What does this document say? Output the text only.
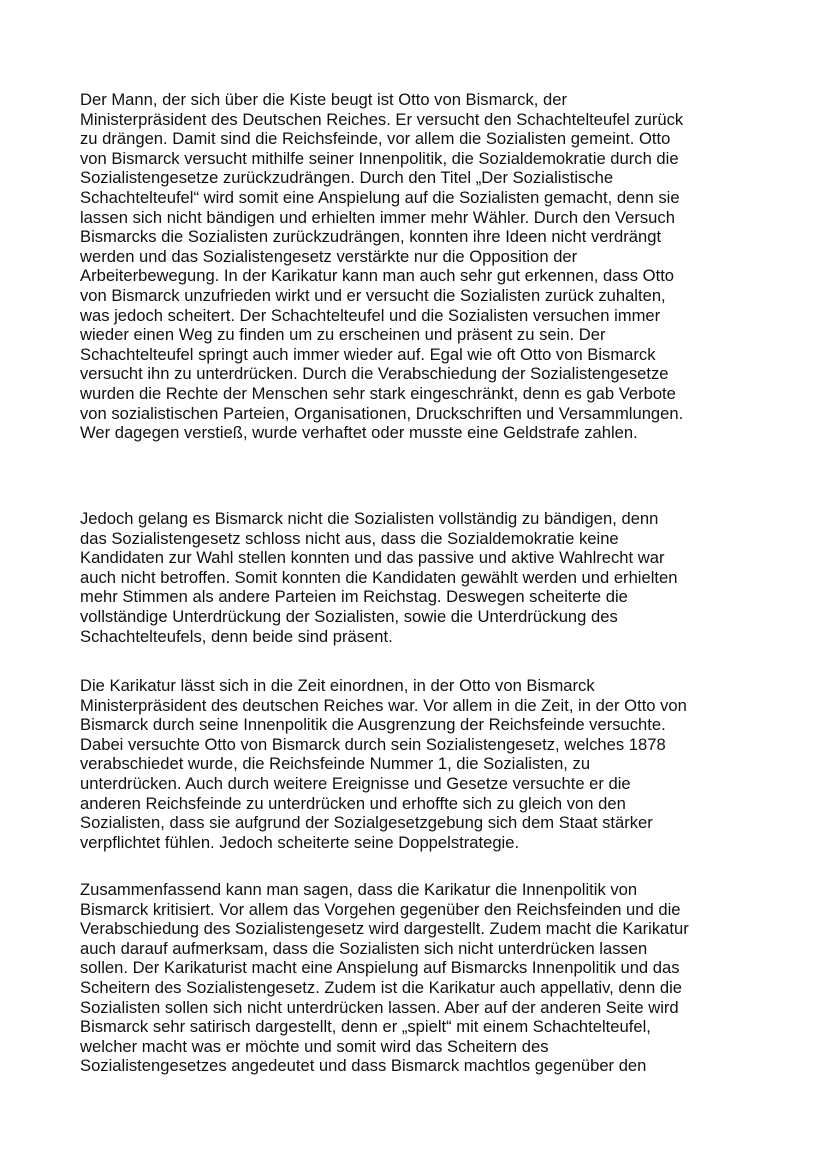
Der Mann, der sich über die Kiste beugt ist Otto von Bismarck, der
Ministerpräsident des Deutschen Reiches. Er versucht den Schachtelteufel zurück
zu drängen. Damit sind die Reichsfeinde, vor allem die Sozialisten gemeint. Otto
von Bismarck versucht mithilfe seiner Innenpolitik, die Sozialdemokratie durch die
Sozialistengesetze zurückzudrängen. Durch den Titel „Der Sozialistische
Schachtelteufel“ wird somit eine Anspielung auf die Sozialisten gemacht, denn sie
lassen sich nicht bändigen und erhielten immer mehr Wähler. Durch den Versuch
Bismarcks die Sozialisten zurückzudrängen, konnten ihre Ideen nicht verdrängt
werden und das Sozialistengesetz verstärkte nur die Opposition der
Arbeiterbewegung. In der Karikatur kann man auch sehr gut erkennen, dass Otto
von Bismarck unzufrieden wirkt und er versucht die Sozialisten zurück zuhalten,
was jedoch scheitert. Der Schachtelteufel und die Sozialisten versuchen immer
wieder einen Weg zu finden um zu erscheinen und präsent zu sein. Der
Schachtelteufel springt auch immer wieder auf. Egal wie oft Otto von Bismarck
versucht ihn zu unterdrücken. Durch die Verabschiedung der Sozialistengesetze
wurden die Rechte der Menschen sehr stark eingeschränkt, denn es gab Verbote
von sozialistischen Parteien, Organisationen, Druckschriften und Versammlungen.
Wer dagegen verstieß, wurde verhaftet oder musste eine Geldstrafe zahlen.
Jedoch gelang es Bismarck nicht die Sozialisten vollständig zu bändigen, denn
das Sozialistengesetz schloss nicht aus, dass die Sozialdemokratie keine
Kandidaten zur Wahl stellen konnten und das passive und aktive Wahlrecht war
auch nicht betroffen. Somit konnten die Kandidaten gewählt werden und erhielten
mehr Stimmen als andere Parteien im Reichstag. Deswegen scheiterte die
vollständige Unterdrückung der Sozialisten, sowie die Unterdrückung des
Schachtelteufels, denn beide sind präsent.
Die Karikatur lässt sich in die Zeit einordnen, in der Otto von Bismarck
Ministerpräsident des deutschen Reiches war. Vor allem in die Zeit, in der Otto von
Bismarck durch seine Innenpolitik die Ausgrenzung der Reichsfeinde versuchte.
Dabei versuchte Otto von Bismarck durch sein Sozialistengesetz, welches 1878
verabschiedet wurde, die Reichsfeinde Nummer 1, die Sozialisten, zu
unterdrücken. Auch durch weitere Ereignisse und Gesetze versuchte er die
anderen Reichsfeinde zu unterdrücken und erhoffte sich zu gleich von den
Sozialisten, dass sie aufgrund der Sozialgesetzgebung sich dem Staat stärker
verpflichtet fühlen. Jedoch scheiterte seine Doppelstrategie.
Zusammenfassend kann man sagen, dass die Karikatur die Innenpolitik von
Bismarck kritisiert. Vor allem das Vorgehen gegenüber den Reichsfeinden und die
Verabschiedung des Sozialistengesetz wird dargestellt. Zudem macht die Karikatur
auch darauf aufmerksam, dass die Sozialisten sich nicht unterdrücken lassen
sollen. Der Karikaturist macht eine Anspielung auf Bismarcks Innenpolitik und das
Scheitern des Sozialistengesetz. Zudem ist die Karikatur auch appellativ, denn die
Sozialisten sollen sich nicht unterdrücken lassen. Aber auf der anderen Seite wird
Bismarck sehr satirisch dargestellt, denn er „spielt“ mit einem Schachtelteufel,
welcher macht was er möchte und somit wird das Scheitern des
Sozialistengesetzes angedeutet und dass Bismarck machtlos gegenüber den
